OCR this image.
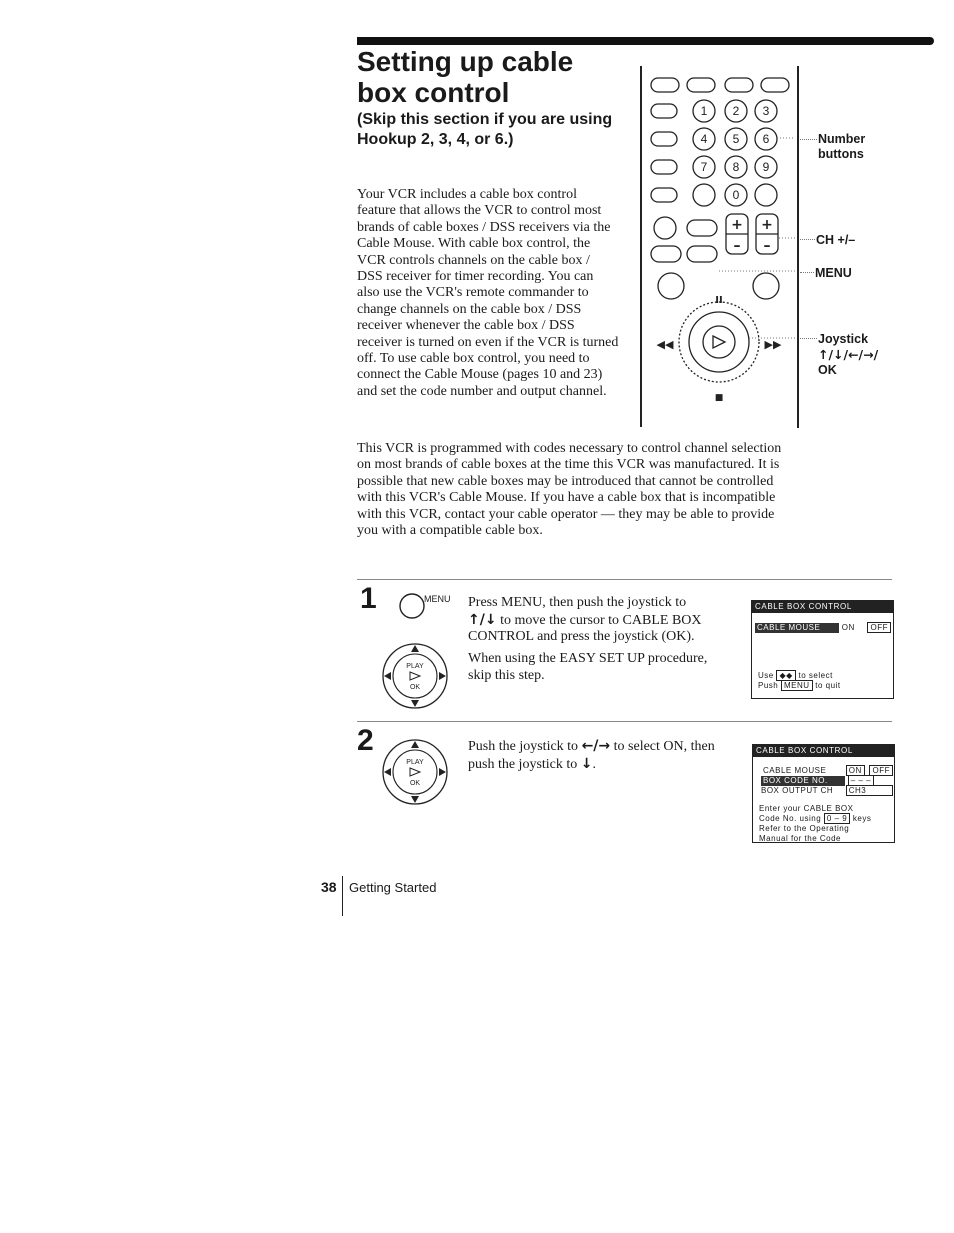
Setting up cable box control
(Skip this section if you are using Hookup 2, 3, 4, or 6.)

Your VCR includes a cable box control feature that allows the VCR to control most brands of cable boxes / DSS receivers via the Cable Mouse. With cable box control, the VCR controls channels on the cable box / DSS receiver for timer recording. You can also use the VCR's remote commander to change channels on the cable box / DSS receiver whenever the cable box / DSS receiver is turned on even if the VCR is turned off. To use cable box control, you need to connect the Cable Mouse (pages 10 and 23) and set the code number and output channel.

1 2 3
4 5 6
7 8 9
0
+ +
– –
II
◀◀	▶▶
■
Number buttons
CH +/–
MENU
Joystick
↑/↓/←/→/
OK

This VCR is programmed with codes necessary to control channel selection on most brands of cable boxes at the time this VCR was manufactured. It is possible that new cable boxes may be introduced that cannot be controlled with this VCR's Cable Mouse. If you have a cable box that is incompatible with this VCR, contact your cable operator — they may be able to provide you with a compatible cable box.

1	MENU
PLAY
OK

Press MENU, then push the joystick to
↑/↓ to move the cursor to CABLE BOX CONTROL and press the joystick (OK).

When using the EASY SET UP procedure, skip this step.

CABLE BOX CONTROL
CABLE MOUSE	ON OFF
Use ◆◆ to select
Push MENU to quit
2
PLAY
OK

Push the joystick to ←/→ to select ON, then push the joystick to ↓.

CABLE BOX CONTROL
CABLE MOUSE	ON OFF
BOX CODE NO.	– – –
BOX OUTPUT CH CH3
Enter your CABLE BOX
Code No. using 0 – 9 keys
Refer to the Operating
Manual for the Code
38 Getting Started
